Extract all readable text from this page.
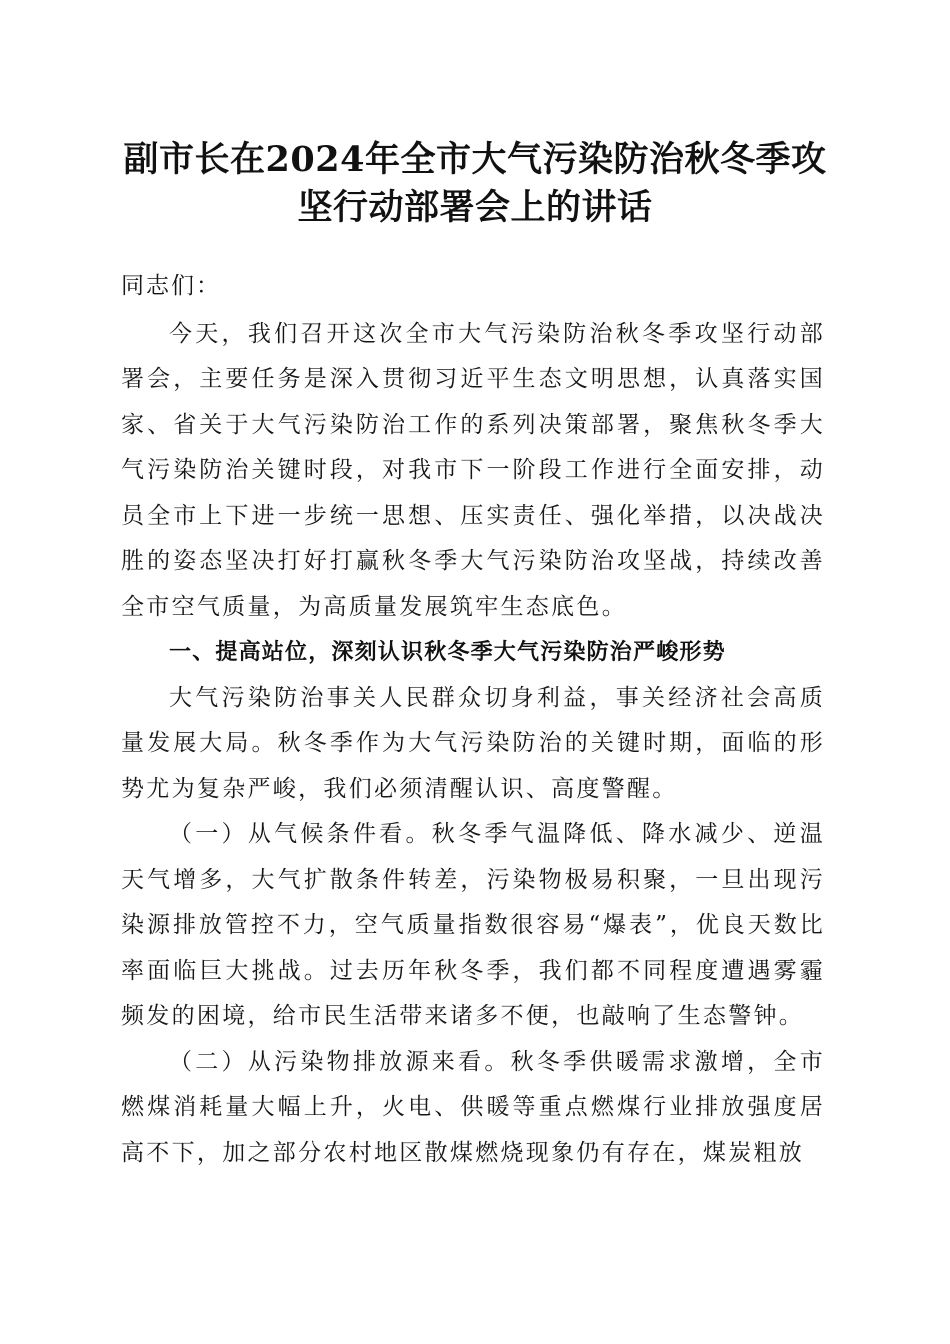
副市长在2024年全市大气污染防治秋冬季攻
坚行动部署会上的讲话

同志们：

今天，我们召开这次全市大气污染防治秋冬季攻坚行动部署会，主要任务是深入贯彻习近平生态文明思想，认真落实国家、省关于大气污染防治工作的系列决策部署，聚焦秋冬季大气污染防治关键时段，对我市下一阶段工作进行全面安排，动员全市上下进一步统一思想、压实责任、强化举措，以决战决胜的姿态坚决打好打赢秋冬季大气污染防治攻坚战，持续改善全市空气质量，为高质量发展筑牢生态底色。

一、提高站位，深刻认识秋冬季大气污染防治严峻形势

大气污染防治事关人民群众切身利益，事关经济社会高质量发展大局。秋冬季作为大气污染防治的关键时期，面临的形势尤为复杂严峻，我们必须清醒认识、高度警醒。

（一）从气候条件看。秋冬季气温降低、降水减少、逆温天气增多，大气扩散条件转差，污染物极易积聚，一旦出现污染源排放管控不力，空气质量指数很容易“爆表”，优良天数比率面临巨大挑战。过去历年秋冬季，我们都不同程度遭遇雾霾频发的困境，给市民生活带来诸多不便，也敲响了生态警钟。

（二）从污染物排放源来看。秋冬季供暖需求激增，全市燃煤消耗量大幅上升，火电、供暖等重点燃煤行业排放强度居高不下，加之部分农村地区散煤燃烧现象仍有存在，煤炭粗放
